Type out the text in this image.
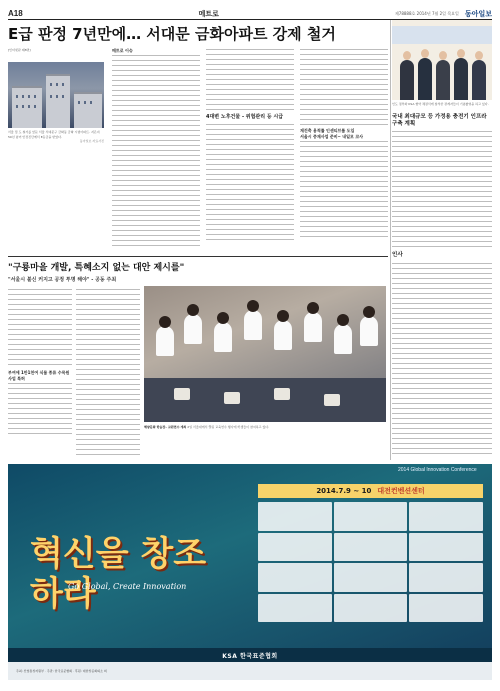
A18	메트로	제78888호 2014년 7월 2일 목요일 동아일보
E급 판정 7년만에… 서대문 금화아파트 강제 철거
[인터넷판 제8면]
서울 및 도 철거를 앞둔 서울 서대문구 금화동 금화 시범아파트. 지은지 50년 넘어 안전진단에서 E등급을 받았다.
동아일보 자료사진
메트로 이슈
4대변 노후건물 - 위험관리 등 시급
재건축 용적률 인센티브를 도입
서울시 중재사업 준비~ 내일모 코사
인도 정부와 KSA 협약 체결식에 참석한 관계자들이 기념촬영을 하고 있다.
국내 최대규모 등 가정용 충전기 인프라 구축 계획
"구룡마을 개발, 특혜소지 없는 대안 제시를"
"서울시 불신 커지고 공정 투명 해야" - 공동 주최
부여에 1만1천여 식물 종류 수목원 사업 특허
해양문화 학습장– 교원연수 개최 2일 서울대에서 열린 교육연수 행사에 학생들이 참여하고 있다.
인사
2014 Global Innovation Conference
혁신을 창조하라
Go Global, Create Innovation
2014.7.9 ~ 10 대전컨벤션센터
KSA 한국표준협회
주최: 산업통상자원부 · 주관: 한국표준협회 · 후원: 대한상공회의소 외
